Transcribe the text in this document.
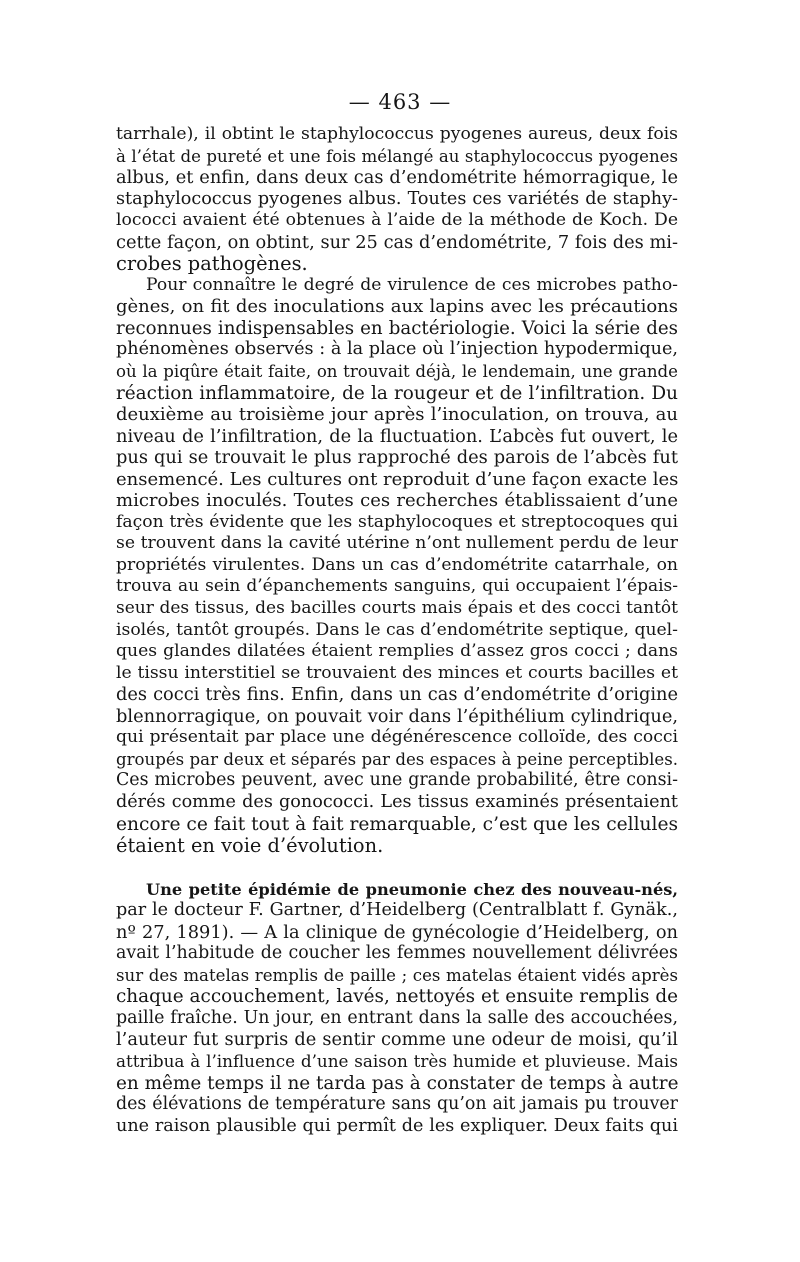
— 463 —
tarrhale), il obtint le staphylococcus pyogenes aureus, deux fois
à l’état de pureté et une fois mélangé au staphylococcus pyogenes
albus, et enfin, dans deux cas d’endométrite hémorragique, le
staphylococcus pyogenes albus. Toutes ces variétés de staphy-
lococci avaient été obtenues à l’aide de la méthode de Koch. De
cette façon, on obtint, sur 25 cas d’endométrite, 7 fois des mi-
crobes pathogènes.
Pour connaître le degré de virulence de ces microbes patho-
gènes, on fit des inoculations aux lapins avec les précautions
reconnues indispensables en bactériologie. Voici la série des
phénomènes observés : à la place où l’injection hypodermique,
où la piqûre était faite, on trouvait déjà, le lendemain, une grande
réaction inflammatoire, de la rougeur et de l’infiltration. Du
deuxième au troisième jour après l’inoculation, on trouva, au
niveau de l’infiltration, de la fluctuation. L’abcès fut ouvert, le
pus qui se trouvait le plus rapproché des parois de l’abcès fut
ensemencé. Les cultures ont reproduit d’une façon exacte les
microbes inoculés. Toutes ces recherches établissaient d’une
façon très évidente que les staphylocoques et streptocoques qui
se trouvent dans la cavité utérine n’ont nullement perdu de leur
propriétés virulentes. Dans un cas d’endométrite catarrhale, on
trouva au sein d’épanchements sanguins, qui occupaient l’épais-
seur des tissus, des bacilles courts mais épais et des cocci tantôt
isolés, tantôt groupés. Dans le cas d’endométrite septique, quel-
ques glandes dilatées étaient remplies d’assez gros cocci ; dans
le tissu interstitiel se trouvaient des minces et courts bacilles et
des cocci très fins. Enfin, dans un cas d’endométrite d’origine
blennorragique, on pouvait voir dans l’épithélium cylindrique,
qui présentait par place une dégénérescence colloïde, des cocci
groupés par deux et séparés par des espaces à peine perceptibles.
Ces microbes peuvent, avec une grande probabilité, être consi-
dérés comme des gonococci. Les tissus examinés présentaient
encore ce fait tout à fait remarquable, c’est que les cellules
étaient en voie d’évolution.
Une petite épidémie de pneumonie chez des nouveau-nés,
par le docteur F. Gartner, d’Heidelberg (Centralblatt f. Gynäk.,
nº 27, 1891). — A la clinique de gynécologie d’Heidelberg, on
avait l’habitude de coucher les femmes nouvellement délivrées
sur des matelas remplis de paille ; ces matelas étaient vidés après
chaque accouchement, lavés, nettoyés et ensuite remplis de
paille fraîche. Un jour, en entrant dans la salle des accouchées,
l’auteur fut surpris de sentir comme une odeur de moisi, qu’il
attribua à l’influence d’une saison très humide et pluvieuse. Mais
en même temps il ne tarda pas à constater de temps à autre
des élévations de température sans qu’on ait jamais pu trouver
une raison plausible qui permît de les expliquer. Deux faits qui
